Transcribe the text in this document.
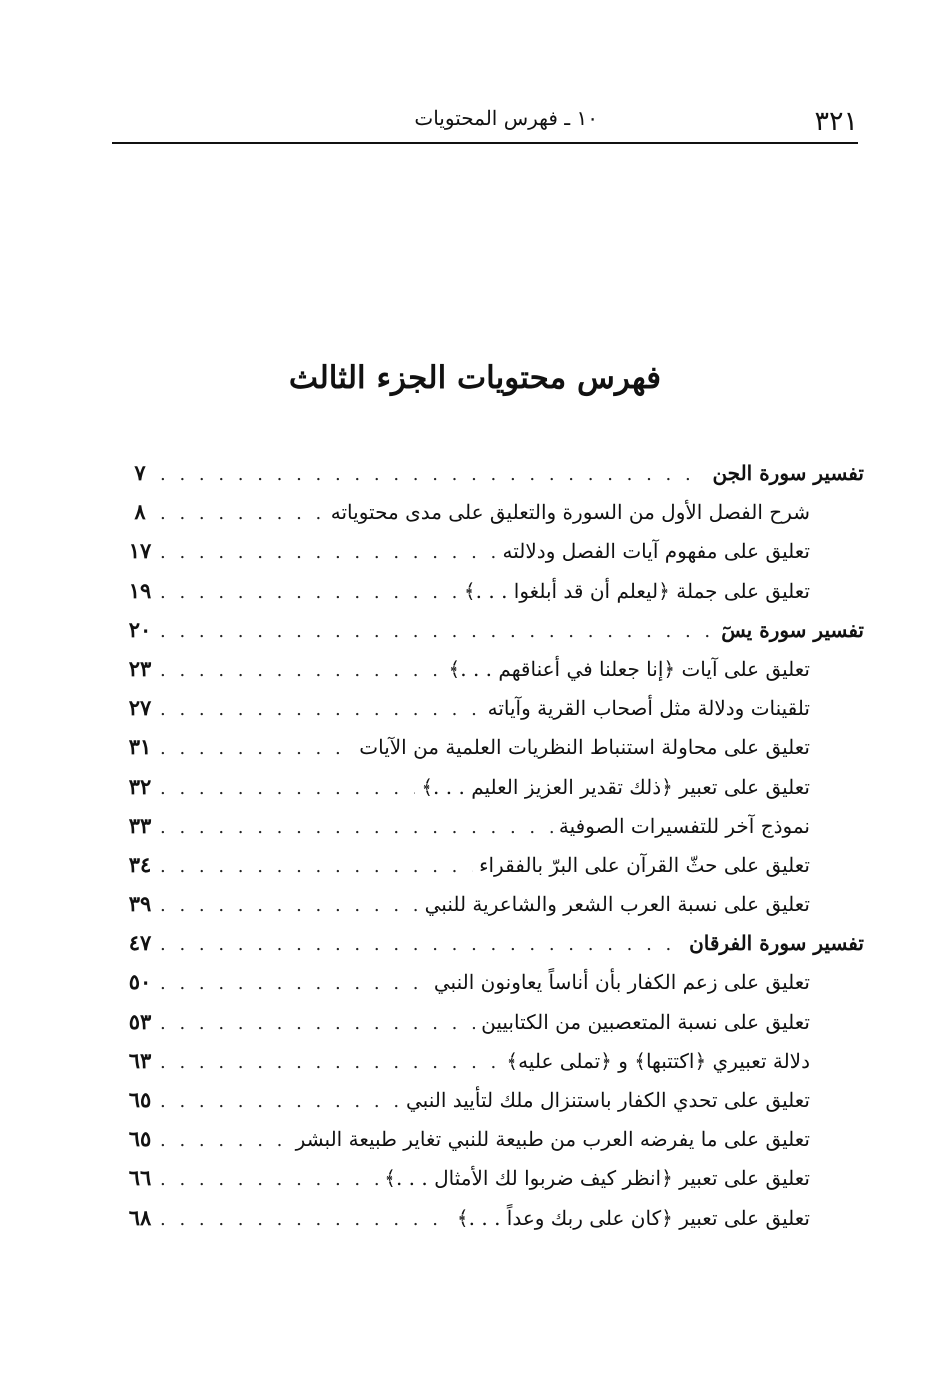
٣٢١
١٠ ـ فهرس المحتويات
فهرس محتويات الجزء الثالث
تفسير سورة الجن
. . .
٧
شرح الفصل الأول من السورة والتعليق على مدى محتوياته
. . .
٨
تعليق على مفهوم آيات الفصل ودلالته
. . .
١٧
تعليق على جملة ﴿ليعلم أن قد أبلغوا . . .﴾
. . .
١٩
تفسير سورة يسٓ
. . .
٢٠
تعليق على آيات ﴿إنا جعلنا في أعناقهم . . .﴾
. . .
٢٣
تلقينات ودلالة مثل أصحاب القرية وآياته
. . .
٢٧
تعليق على محاولة استنباط النظريات العلمية من الآيات
. . .
٣١
تعليق على تعبير ﴿ذلك تقدير العزيز العليم . . .﴾
. . .
٣٢
نموذج آخر للتفسيرات الصوفية
. . .
٣٣
تعليق على حثّ القرآن على البرّ بالفقراء
. . .
٣٤
تعليق على نسبة العرب الشعر والشاعرية للنبي
. . .
٣٩
تفسير سورة الفرقان
. . .
٤٧
تعليق على زعم الكفار بأن أناساً يعاونون النبي
. . .
٥٠
تعليق على نسبة المتعصبين من الكتابيين
. . .
٥٣
دلالة تعبيري ﴿اكتتبها﴾ و ﴿تملى عليه﴾
. . .
٦٣
تعليق على تحدي الكفار باستنزال ملك لتأييد النبي
. . .
٦٥
تعليق على ما يفرضه العرب من طبيعة للنبي تغاير طبيعة البشر
. . .
٦٥
تعليق على تعبير ﴿انظر كيف ضربوا لك الأمثال . . .﴾
. . .
٦٦
تعليق على تعبير ﴿كان على ربك وعداً . . .﴾
. . .
٦٨
